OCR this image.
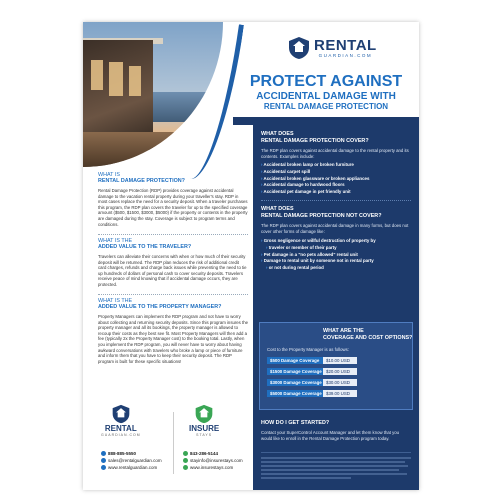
RENTAL
GUARDIAN.COM
PROTECT AGAINST
ACCIDENTAL DAMAGE WITH
RENTAL DAMAGE PROTECTION
WHAT DOES
RENTAL DAMAGE PROTECTION COVER?
The RDP plan covers against accidental damage to the rental property and its contents. Examples include:
› Accidental broken lamp or broken furniture
› Accidental carpet spill
› Accidental broken glassware or broken appliances
› Accidental damage to hardwood floors
› Accidental pet damage in pet friendly unit
WHAT DOES
RENTAL DAMAGE PROTECTION NOT COVER?
The RDP plan covers against accidental damage in many forms, but does not cover other forms of damage like:
› Gross negligence or willful destruction of property by
› traveler or member of their party
› Pet damage in a "no pets allowed" rental unit
› Damage to rental unit by someone not in rental party
› or not during rental period
WHAT ARE THE
COVERAGE AND COST OPTIONS?
Cost to the Property Manager is as follows:
$500 Damage Coverage	$10.00 USD
$1500 Damage Coverage $20.00 USD
$3000 Damage Coverage $30.00 USD
$5000 Damage Coverage $39.00 USD
HOW DO I GET STARTED?
Contact your SuperControl Account Manager and let them know that you would like to enroll in the Rental Damage Protection program today.
WHAT IS
RENTAL DAMAGE PROTECTION?
Rental Damage Protection (RDP) provides coverage against accidental damage to the vacation rental property during your traveller's stay. RDP in most cases replace the need for a security deposit. When a traveler purchases this program, the RDP plan covers the traveler for up to the specified coverage amount ($500, $1500, $3000, $5000) if the property or contents in the property are damaged during the stay. Coverage is subject to program terms and conditions.
WHAT IS THE
ADDED VALUE TO THE TRAVELER?
Travelers can alleviate their concerns with when or how much of their security deposit will be returned. The RDP plan reduces the risk of additional credit card charges, refunds and charge back issues while preventing the need to tie up hundreds of dollars of personal cash to cover security deposits. Travelers receive peace of mind knowing that if accidental damage occurs, they are protected.
WHAT IS THE
ADDED VALUE TO THE PROPERTY MANAGER?
Property Managers can implement the RDP program and not have to worry about collecting and returning security deposits. Since this program insures the property manager and all its bookings, the property manager is allowed to recoup their costs as they best see fit. Most Property Managers will then add a fee (typically 2x the Property Manager cost) to the booking total. Lastly, when you implement the RDP program, you will never have to worry about having awkward conversations with travelers who broke a lamp or piece of furniture and inform them that you have to keep their security deposit. The RDP program is built for these specific situations!
RENTAL
GUARDIAN.COM
888-885-5550
sales@rentalguardian.com
www.rentalguardian.com
INSURE
STAYS
843-286-5144
stayinfo@insurestays.com
www.insurestays.com
